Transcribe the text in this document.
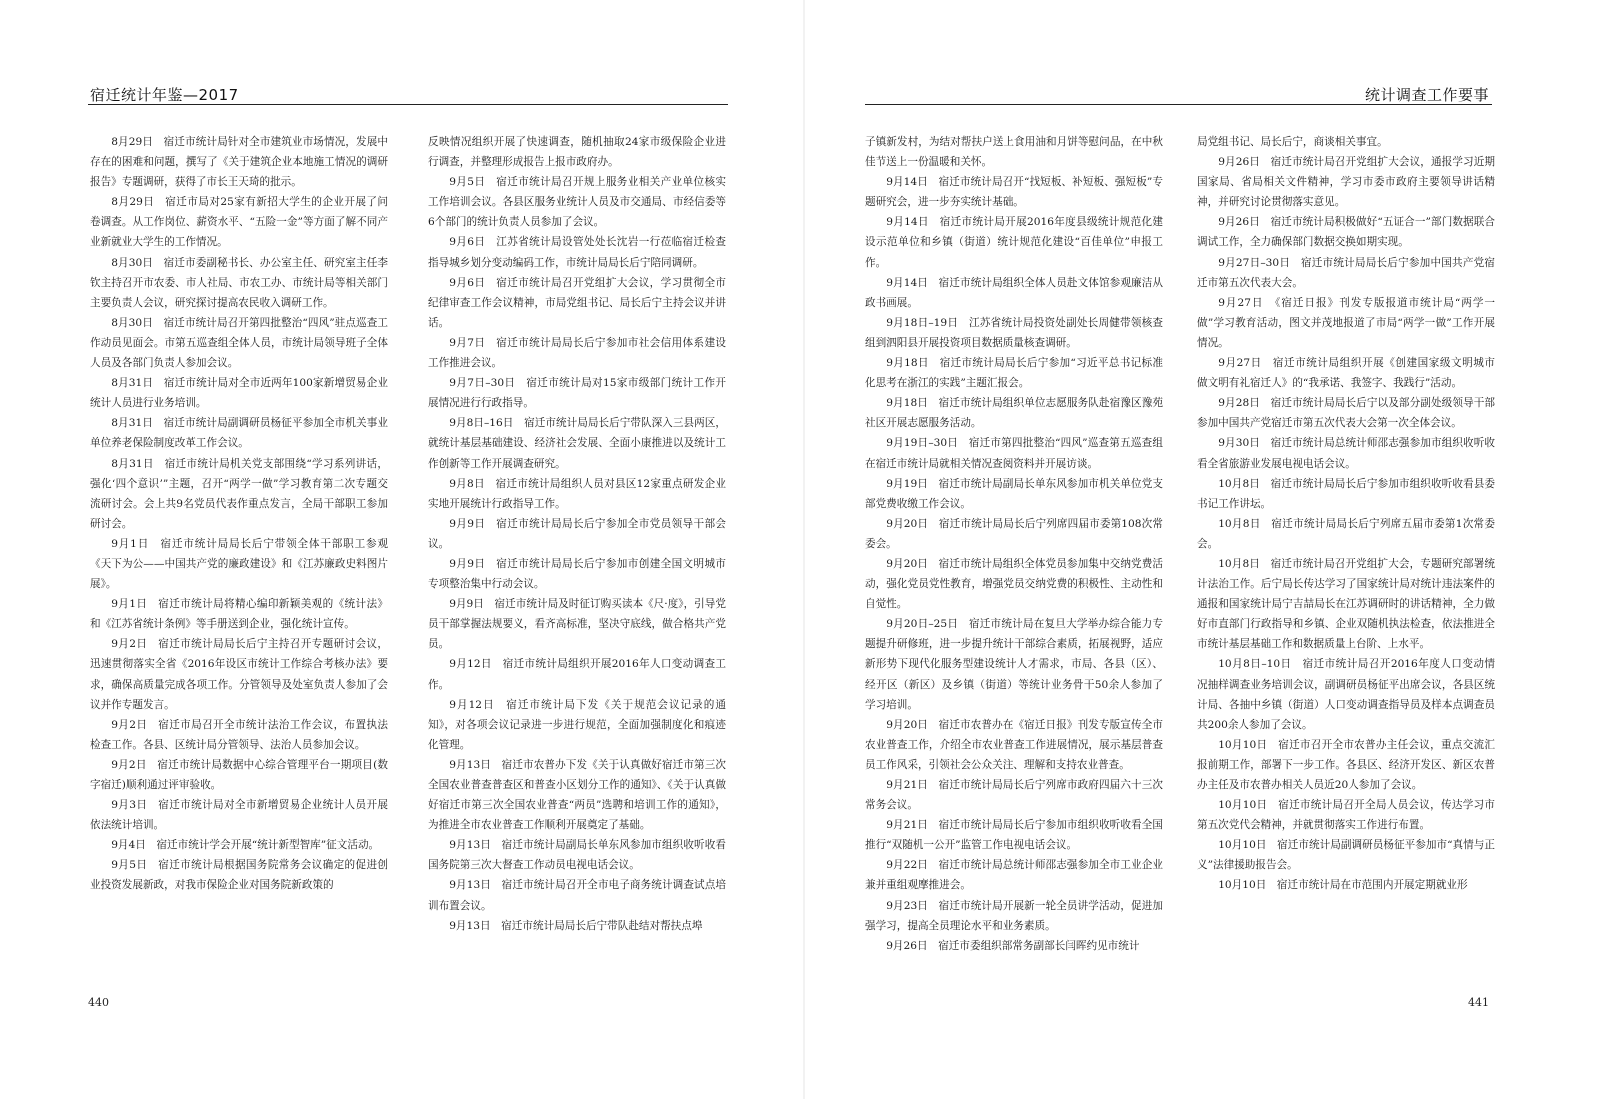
宿迁统计年鉴—2017

8月29日　宿迁市统计局针对全市建筑业市场情况，发展中存在的困难和问题，撰写了《关于建筑企业本地施工情况的调研报告》专题调研，获得了市长王天琦的批示。

8月29日　宿迁市局对25家有新招大学生的企业开展了问卷调查。从工作岗位、薪资水平、“五险一金”等方面了解不同产业新就业大学生的工作情况。

8月30日　宿迁市委副秘书长、办公室主任、研究室主任李钦主持召开市农委、市人社局、市农工办、市统计局等相关部门主要负责人会议，研究探讨提高农民收入调研工作。

8月30日　宿迁市统计局召开第四批整治“四风”驻点巡查工作动员见面会。市第五巡查组全体人员，市统计局领导班子全体人员及各部门负责人参加会议。

8月31日　宿迁市统计局对全市近两年100家新增贸易企业统计人员进行业务培训。

8月31日　宿迁市统计局副调研员杨征平参加全市机关事业单位养老保险制度改革工作会议。

8月31日　宿迁市统计局机关党支部围绕“学习系列讲话，强化‘四个意识’”主题，召开“两学一做”学习教育第二次专题交流研讨会。会上共9名党员代表作重点发言，全局干部职工参加研讨会。

9月1日　宿迁市统计局局长后宁带领全体干部职工参观《天下为公——中国共产党的廉政建设》和《江苏廉政史料图片展》。

9月1日　宿迁市统计局将精心编印新颖美观的《统计法》和《江苏省统计条例》等手册送到企业，强化统计宣传。

9月2日　宿迁市统计局局长后宁主持召开专题研讨会议，迅速贯彻落实全省《2016年设区市统计工作综合考核办法》要求，确保高质量完成各项工作。分管领导及处室负责人参加了会议并作专题发言。

9月2日　宿迁市局召开全市统计法治工作会议，布置执法检查工作。各县、区统计局分管领导、法治人员参加会议。

9月2日　宿迁市统计局数据中心综合管理平台一期项目(数字宿迁)顺利通过评审验收。

9月3日　宿迁市统计局对全市新增贸易企业统计人员开展依法统计培训。

9月4日　宿迁市统计学会开展“统计新型智库”征文活动。

9月5日　宿迁市统计局根据国务院常务会议确定的促进创业投资发展新政，对我市保险企业对国务院新政策的

反映情况组织开展了快速调查，随机抽取24家市级保险企业进行调查，并整理形成报告上报市政府办。

9月5日　宿迁市统计局召开规上服务业相关产业单位核实工作培训会议。各县区服务业统计人员及市交通局、市经信委等6个部门的统计负责人员参加了会议。

9月6日　江苏省统计局设管处处长沈岩一行莅临宿迁检查指导城乡划分变动编码工作，市统计局局长后宁陪同调研。

9月6日　宿迁市统计局召开党组扩大会议，学习贯彻全市纪律审查工作会议精神，市局党组书记、局长后宁主持会议并讲话。

9月7日　宿迁市统计局局长后宁参加市社会信用体系建设工作推进会议。

9月7日–30日　宿迁市统计局对15家市级部门统计工作开展情况进行行政指导。

9月8日–16日　宿迁市统计局局长后宁带队深入三县两区，就统计基层基础建设、经济社会发展、全面小康推进以及统计工作创新等工作开展调查研究。

9月8日　宿迁市统计局组织人员对县区12家重点研发企业实地开展统计行政指导工作。

9月9日　宿迁市统计局局长后宁参加全市党员领导干部会议。

9月9日　宿迁市统计局局长后宁参加市创建全国文明城市专项整治集中行动会议。

9月9日　宿迁市统计局及时征订购买读本《尺·度》，引导党员干部掌握法规要义，看齐高标准，坚决守底线，做合格共产党员。

9月12日　宿迁市统计局组织开展2016年人口变动调查工作。

9月12日　宿迁市统计局下发《关于规范会议记录的通知》，对各项会议记录进一步进行规范，全面加强制度化和痕迹化管理。

9月13日　宿迁市农普办下发《关于认真做好宿迁市第三次全国农业普查普查区和普查小区划分工作的通知》、《关于认真做好宿迁市第三次全国农业普查“两员”选聘和培训工作的通知》，为推进全市农业普查工作顺利开展奠定了基础。

9月13日　宿迁市统计局副局长单东风参加市组织收听收看国务院第三次大督查工作动员电视电话会议。

9月13日　宿迁市统计局召开全市电子商务统计调查试点培训布置会议。

9月13日　宿迁市统计局局长后宁带队赴结对帮扶点埠

440
统计调查工作要事

子镇新发村，为结对帮扶户送上食用油和月饼等慰问品，在中秋佳节送上一份温暖和关怀。

9月14日　宿迁市统计局召开“找短板、补短板、强短板”专题研究会，进一步夯实统计基础。

9月14日　宿迁市统计局开展2016年度县级统计规范化建设示范单位和乡镇（街道）统计规范化建设“百佳单位”申报工作。

9月14日　宿迁市统计局组织全体人员赴文体馆参观廉洁从政书画展。

9月18日–19日　江苏省统计局投资处副处长周健带领核查组到泗阳县开展投资项目数据质量核查调研。

9月18日　宿迁市统计局局长后宁参加“习近平总书记标准化思考在浙江的实践”主题汇报会。

9月18日　宿迁市统计局组织单位志愿服务队赴宿豫区豫苑社区开展志愿服务活动。

9月19日–30日　宿迁市第四批整治“四风”巡查第五巡查组在宿迁市统计局就相关情况查阅资料并开展访谈。

9月19日　宿迁市统计局副局长单东风参加市机关单位党支部党费收缴工作会议。

9月20日　宿迁市统计局局长后宁列席四届市委第108次常委会。

9月20日　宿迁市统计局组织全体党员参加集中交纳党费活动，强化党员党性教育，增强党员交纳党费的积极性、主动性和自觉性。

9月20日–25日　宿迁市统计局在复旦大学举办综合能力专题提升研修班，进一步提升统计干部综合素质，拓展视野，适应新形势下现代化服务型建设统计人才需求，市局、各县（区）、经开区（新区）及乡镇（街道）等统计业务骨干50余人参加了学习培训。

9月20日　宿迁市农普办在《宿迁日报》刊发专版宣传全市农业普查工作，介绍全市农业普查工作进展情况，展示基层普查员工作风采，引领社会公众关注、理解和支持农业普查。

9月21日　宿迁市统计局局长后宁列席市政府四届六十三次常务会议。

9月21日　宿迁市统计局局长后宁参加市组织收听收看全国推行“双随机一公开”监管工作电视电话会议。

9月22日　宿迁市统计局总统计师邵志强参加全市工业企业兼并重组观摩推进会。

9月23日　宿迁市统计局开展新一轮全员讲学活动，促进加强学习，提高全员理论水平和业务素质。

9月26日　宿迁市委组织部常务副部长闫晖约见市统计

局党组书记、局长后宁，商谈相关事宜。

9月26日　宿迁市统计局召开党组扩大会议，通报学习近期国家局、省局相关文件精神，学习市委市政府主要领导讲话精神，并研究讨论贯彻落实意见。

9月26日　宿迁市统计局积极做好“五证合一”部门数据联合调试工作，全力确保部门数据交换如期实现。

9月27日–30日　宿迁市统计局局长后宁参加中国共产党宿迁市第五次代表大会。

9月27日　《宿迁日报》刊发专版报道市统计局“两学一做”学习教育活动，图文并茂地报道了市局“两学一做”工作开展情况。

9月27日　宿迁市统计局组织开展《创建国家级文明城市 做文明有礼宿迁人》的“我承诺、我签字、我践行”活动。

9月28日　宿迁市统计局局长后宁以及部分副处级领导干部参加中国共产党宿迁市第五次代表大会第一次全体会议。

9月30日　宿迁市统计局总统计师邵志强参加市组织收听收看全省旅游业发展电视电话会议。

10月8日　宿迁市统计局局长后宁参加市组织收听收看县委书记工作讲坛。

10月8日　宿迁市统计局局长后宁列席五届市委第1次常委会。

10月8日　宿迁市统计局召开党组扩大会，专题研究部署统计法治工作。后宁局长传达学习了国家统计局对统计违法案件的通报和国家统计局宁吉喆局长在江苏调研时的讲话精神，全力做好市直部门行政指导和乡镇、企业双随机执法检查，依法推进全市统计基层基础工作和数据质量上台阶、上水平。

10月8日–10日　宿迁市统计局召开2016年度人口变动情况抽样调查业务培训会议，副调研员杨征平出席会议，各县区统计局、各抽中乡镇（街道）人口变动调查指导员及样本点调查员共200余人参加了会议。

10月10日　宿迁市召开全市农普办主任会议，重点交流汇报前期工作，部署下一步工作。各县区、经济开发区、新区农普办主任及市农普办相关人员近20人参加了会议。

10月10日　宿迁市统计局召开全局人员会议，传达学习市第五次党代会精神，并就贯彻落实工作进行布置。

10月10日　宿迁市统计局副调研员杨征平参加市“真情与正义”法律援助报告会。

10月10日　宿迁市统计局在市范围内开展定期就业形

441
